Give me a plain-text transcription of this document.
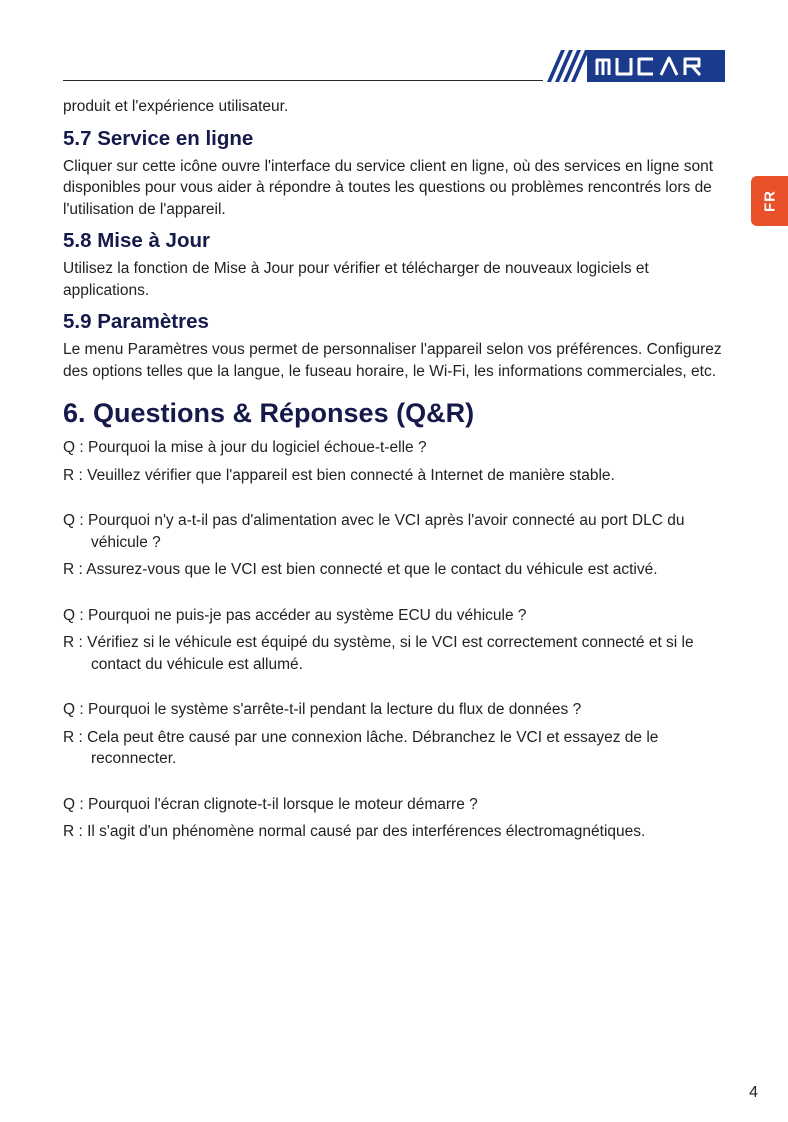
FR

produit et l'expérience utilisateur.

5.7 Service en ligne

Cliquer sur cette icône ouvre l'interface du service client en ligne, où des services en ligne sont disponibles pour vous aider à répondre à toutes les questions ou problèmes rencontrés lors de l'utilisation de l'appareil.

5.8 Mise à Jour

Utilisez la fonction de Mise à Jour pour vérifier et télécharger de nouveaux logiciels et applications.

5.9 Paramètres

Le menu Paramètres vous permet de personnaliser l'appareil selon vos préférences. Configurez des options telles que la langue, le fuseau horaire, le Wi-Fi, les informations commerciales, etc.

6. Questions & Réponses (Q&R)

Q : Pourquoi la mise à jour du logiciel échoue-t-elle ?

R : Veuillez vérifier que l'appareil est bien connecté à Internet de manière stable.

Q : Pourquoi n'y a-t-il pas d'alimentation avec le VCI après l'avoir connecté au port DLC du véhicule ?

R : Assurez-vous que le VCI est bien connecté et que le contact du véhicule est activé.

Q : Pourquoi ne puis-je pas accéder au système ECU du véhicule ?

R : Vérifiez si le véhicule est équipé du système, si le VCI est correctement connecté et si le contact du véhicule est allumé.

Q : Pourquoi le système s'arrête-t-il pendant la lecture du flux de données ?

R : Cela peut être causé par une connexion lâche. Débranchez le VCI et essayez de le reconnecter.

Q : Pourquoi l'écran clignote-t-il lorsque le moteur démarre ?

R : Il s'agit d'un phénomène normal causé par des interférences électromagnétiques.

4
